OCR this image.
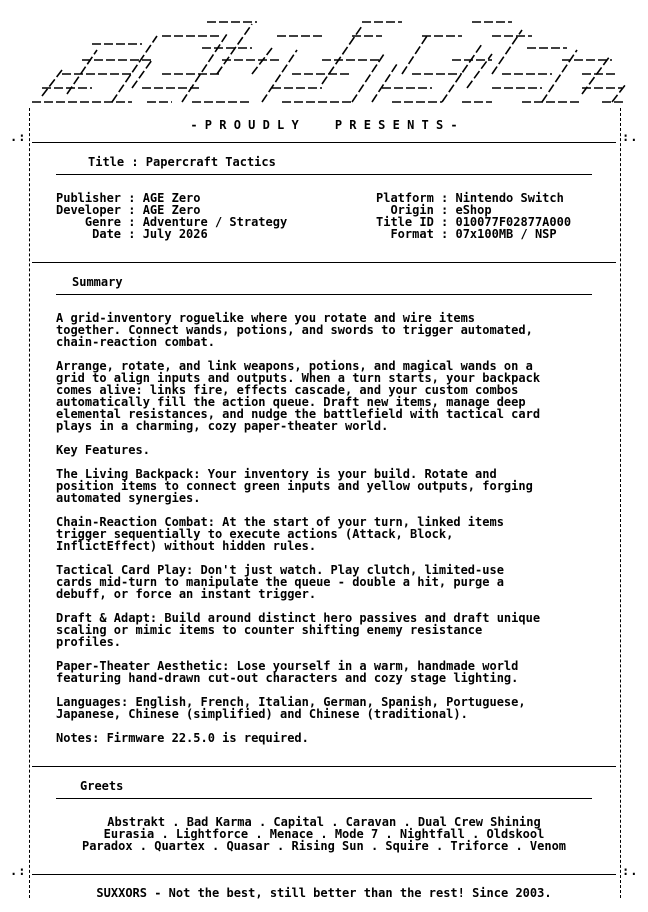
- P R O U D L Y     P R E S E N T S -
.:	:.
.:	:.
Title : Papercraft Tactics
Publisher : AGE Zero
Developer : AGE Zero
Genre : Adventure / Strategy
Date : July 2026
Platform : Nintendo Switch
Origin : eShop
Title ID : 010077F02877A000
Format : 07x100MB / NSP
Summary
A grid-inventory roguelike where you rotate and wire items
together. Connect wands, potions, and swords to trigger automated,
chain-reaction combat.
Arrange, rotate, and link weapons, potions, and magical wands on a
grid to align inputs and outputs. When a turn starts, your backpack
comes alive: links fire, effects cascade, and your custom combos
automatically fill the action queue. Draft new items, manage deep
elemental resistances, and nudge the battlefield with tactical card
plays in a charming, cozy paper-theater world.
Key Features.
The Living Backpack: Your inventory is your build. Rotate and
position items to connect green inputs and yellow outputs, forging
automated synergies.
Chain-Reaction Combat: At the start of your turn, linked items
trigger sequentially to execute actions (Attack, Block,
InflictEffect) without hidden rules.
Tactical Card Play: Don't just watch. Play clutch, limited-use
cards mid-turn to manipulate the queue - double a hit, purge a
debuff, or force an instant trigger.
Draft & Adapt: Build around distinct hero passives and draft unique
scaling or mimic items to counter shifting enemy resistance
profiles.
Paper-Theater Aesthetic: Lose yourself in a warm, handmade world
featuring hand-drawn cut-out characters and cozy stage lighting.
Languages: English, French, Italian, German, Spanish, Portuguese,
Japanese, Chinese (simplified) and Chinese (traditional).
Notes: Firmware 22.5.0 is required.
Greets
Abstrakt . Bad Karma . Capital . Caravan . Dual Crew Shining
Eurasia . Lightforce . Menace . Mode 7 . Nightfall . Oldskool
Paradox . Quartex . Quasar . Rising Sun . Squire . Triforce . Venom
SUXXORS - Not the best, still better than the rest! Since 2003.
